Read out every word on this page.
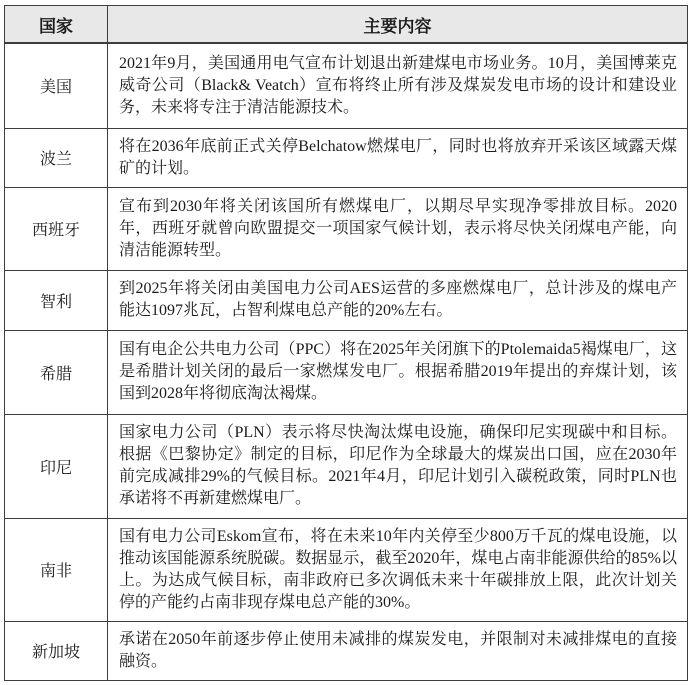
国家	主要内容
美国	2021年9月，美国通用电气宣布计划退出新建煤电市场业务。10月，美国博莱克威奇公司（Black& Veatch）宣布将终止所有涉及煤炭发电市场的设计和建设业务，未来将专注于清洁能源技术。
波兰	将在2036年底前正式关停Belchatow燃煤电厂，同时也将放弃开采该区域露天煤矿的计划。
西班牙	宣布到2030年将关闭该国所有燃煤电厂，以期尽早实现净零排放目标。2020年，西班牙就曾向欧盟提交一项国家气候计划，表示将尽快关闭煤电产能，向清洁能源转型。
智利	到2025年将关闭由美国电力公司AES运营的多座燃煤电厂，总计涉及的煤电产能达1097兆瓦，占智利煤电总产能的20%左右。
希腊	国有电企公共电力公司（PPC）将在2025年关闭旗下的Ptolemaida5褐煤电厂，这是希腊计划关闭的最后一家燃煤发电厂。根据希腊2019年提出的弃煤计划，该国到2028年将彻底淘汰褐煤。
印尼	国家电力公司（PLN）表示将尽快淘汰煤电设施，确保印尼实现碳中和目标。根据《巴黎协定》制定的目标，印尼作为全球最大的煤炭出口国，应在2030年前完成减排29%的气候目标。2021年4月，印尼计划引入碳税政策，同时PLN也承诺将不再新建燃煤电厂。
南非	国有电力公司Eskom宣布，将在未来10年内关停至少800万千瓦的煤电设施，以推动该国能源系统脱碳。数据显示，截至2020年，煤电占南非能源供给的85%以上。为达成气候目标，南非政府已多次调低未来十年碳排放上限，此次计划关停的产能约占南非现存煤电总产能的30%。
新加坡	承诺在2050年前逐步停止使用未减排的煤炭发电，并限制对未减排煤电的直接融资。
